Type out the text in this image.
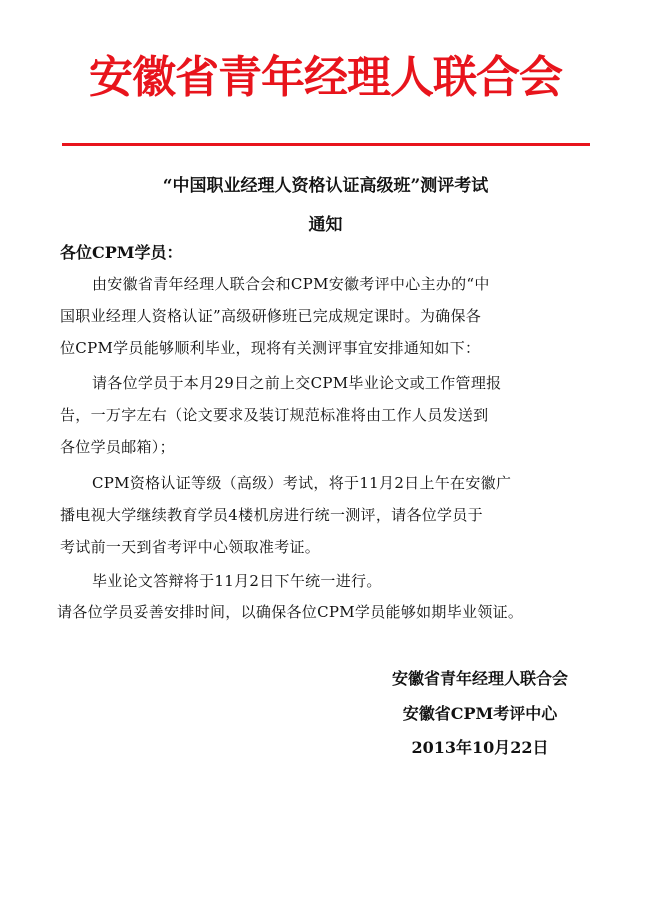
安徽省青年经理人联合会
“中国职业经理人资格认证高级班”测评考试
通知
各位CPM学员：
由安徽省青年经理人联合会和CPM安徽考评中心主办的“中
国职业经理人资格认证”高级研修班已完成规定课时。为确保各
位CPM学员能够顺利毕业，现将有关测评事宜安排通知如下：
请各位学员于本月29日之前上交CPM毕业论文或工作管理报
告，一万字左右（论文要求及装订规范标准将由工作人员发送到
各位学员邮箱）；
CPM资格认证等级（高级）考试，将于11月2日上午在安徽广
播电视大学继续教育学员4楼机房进行统一测评，请各位学员于
考试前一天到省考评中心领取准考证。
毕业论文答辩将于11月2日下午统一进行。
请各位学员妥善安排时间，以确保各位CPM学员能够如期毕业领证。
安徽省青年经理人联合会
安徽省CPM考评中心
2013年10月22日
